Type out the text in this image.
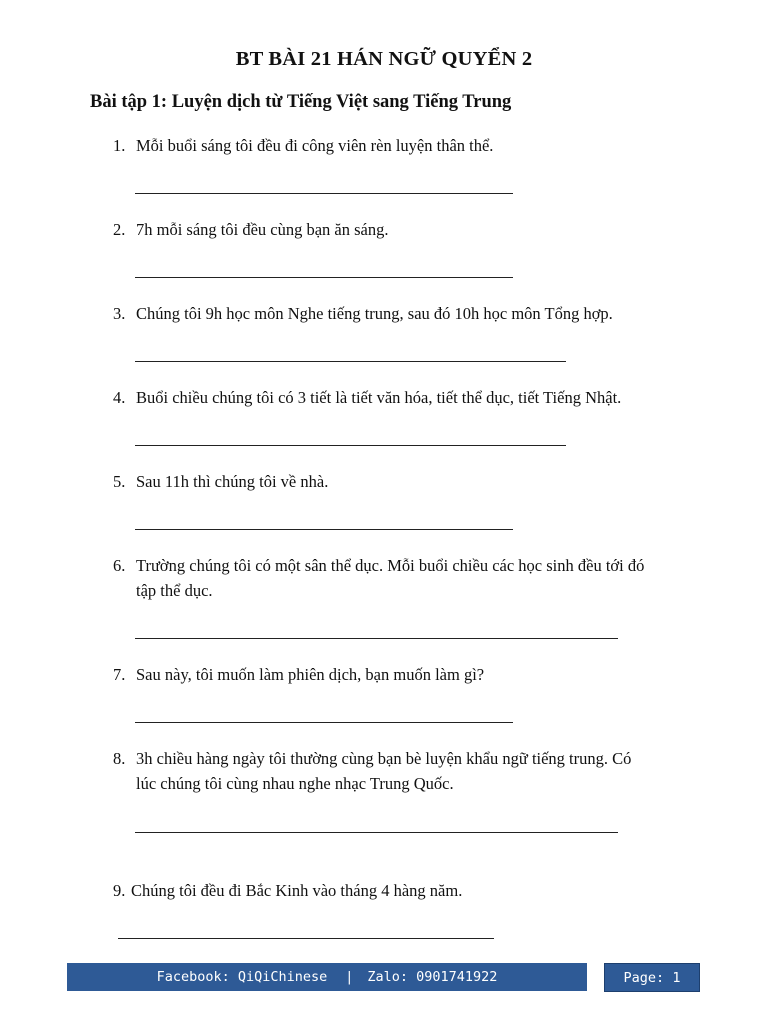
BT BÀI 21 HÁN NGỮ QUYỂN 2
Bài tập 1: Luyện dịch từ Tiếng Việt sang Tiếng Trung
1. Mỗi buổi sáng tôi đều đi công viên rèn luyện thân thể.
2. 7h mỗi sáng tôi đều cùng bạn ăn sáng.
3. Chúng tôi 9h học môn Nghe tiếng trung, sau đó 10h học môn Tổng hợp.
4. Buổi chiều chúng tôi có 3 tiết là tiết văn hóa, tiết thể dục, tiết Tiếng Nhật.
5. Sau 11h thì chúng tôi về nhà.
6. Trường chúng tôi có một sân thể dục. Mỗi buổi chiều các học sinh đều tới đó
tập thể dục.
7. Sau này, tôi muốn làm phiên dịch, bạn muốn làm gì?
8. 3h chiều hàng ngày tôi thường cùng bạn bè luyện khẩu ngữ tiếng trung. Có
lúc chúng tôi cùng nhau nghe nhạc Trung Quốc.
9. Chúng tôi đều đi Bắc Kinh vào tháng 4 hàng năm.
Facebook: QiQiChinese | Zalo: 0901741922	Page: 1
